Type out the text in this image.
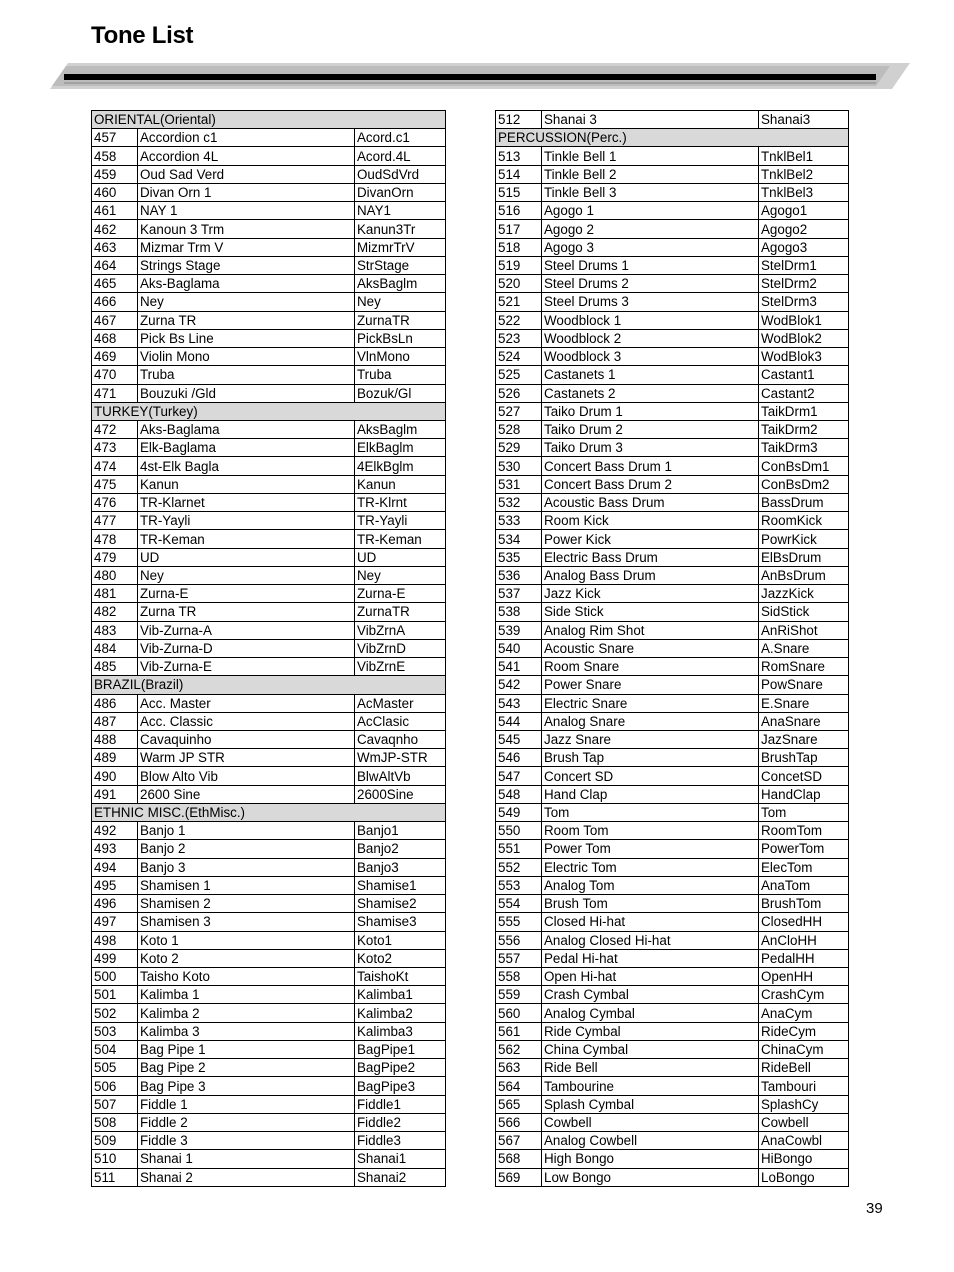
Tone List
ORIENTAL(Oriental)		
457	Accordion c1	Acord.c1
458	Accordion 4L	Acord.4L
459	Oud Sad Verd	OudSdVrd
460	Divan Orn 1	DivanOrn
461	NAY 1	NAY1
462	Kanoun 3 Trm	Kanun3Tr
463	Mizmar Trm V	MizmrTrV
464	Strings Stage	StrStage
465	Aks-Baglama	AksBaglm
466	Ney	Ney
467	Zurna TR	ZurnaTR
468	Pick Bs Line	PickBsLn
469	Violin Mono	VlnMono
470	Truba	Truba
471	Bouzuki /Gld	Bozuk/Gl
TURKEY(Turkey)		
472	Aks-Baglama	AksBaglm
473	Elk-Baglama	ElkBaglm
474	4st-Elk Bagla	4ElkBglm
475	Kanun	Kanun
476	TR-Klarnet	TR-Klrnt
477	TR-Yayli	TR-Yayli
478	TR-Keman	TR-Keman
479	UD	UD
480	Ney	Ney
481	Zurna-E	Zurna-E
482	Zurna TR	ZurnaTR
483	Vib-Zurna-A	VibZrnA
484	Vib-Zurna-D	VibZrnD
485	Vib-Zurna-E	VibZrnE
BRAZIL(Brazil)		
486	Acc. Master	AcMaster
487	Acc. Classic	AcClasic
488	Cavaquinho	Cavaqnho
489	Warm JP STR	WmJP-STR
490	Blow Alto Vib	BlwAltVb
491	2600 Sine	2600Sine
ETHNIC MISC.(EthMisc.)		
492	Banjo 1	Banjo1
493	Banjo 2	Banjo2
494	Banjo 3	Banjo3
495	Shamisen 1	Shamise1
496	Shamisen 2	Shamise2
497	Shamisen 3	Shamise3
498	Koto 1	Koto1
499	Koto 2	Koto2
500	Taisho Koto	TaishoKt
501	Kalimba 1	Kalimba1
502	Kalimba 2	Kalimba2
503	Kalimba 3	Kalimba3
504	Bag Pipe 1	BagPipe1
505	Bag Pipe 2	BagPipe2
506	Bag Pipe 3	BagPipe3
507	Fiddle 1	Fiddle1
508	Fiddle 2	Fiddle2
509	Fiddle 3	Fiddle3
510	Shanai 1	Shanai1
511	Shanai 2	Shanai2
512	Shanai 3	Shanai3
PERCUSSION(Perc.)		
513	Tinkle Bell 1	TnklBel1
514	Tinkle Bell 2	TnklBel2
515	Tinkle Bell 3	TnklBel3
516	Agogo 1	Agogo1
517	Agogo 2	Agogo2
518	Agogo 3	Agogo3
519	Steel Drums 1	StelDrm1
520	Steel Drums 2	StelDrm2
521	Steel Drums 3	StelDrm3
522	Woodblock 1	WodBlok1
523	Woodblock 2	WodBlok2
524	Woodblock 3	WodBlok3
525	Castanets 1	Castant1
526	Castanets 2	Castant2
527	Taiko Drum 1	TaikDrm1
528	Taiko Drum 2	TaikDrm2
529	Taiko Drum 3	TaikDrm3
530	Concert Bass Drum 1	ConBsDm1
531	Concert Bass Drum 2	ConBsDm2
532	Acoustic Bass Drum	BassDrum
533	Room Kick	RoomKick
534	Power Kick	PowrKick
535	Electric Bass Drum	ElBsDrum
536	Analog Bass Drum	AnBsDrum
537	Jazz Kick	JazzKick
538	Side Stick	SidStick
539	Analog Rim Shot	AnRiShot
540	Acoustic Snare	A.Snare
541	Room Snare	RomSnare
542	Power Snare	PowSnare
543	Electric Snare	E.Snare
544	Analog Snare	AnaSnare
545	Jazz Snare	JazSnare
546	Brush Tap	BrushTap
547	Concert SD	ConcetSD
548	Hand Clap	HandClap
549	Tom	Tom
550	Room Tom	RoomTom
551	Power Tom	PowerTom
552	Electric Tom	ElecTom
553	Analog Tom	AnaTom
554	Brush Tom	BrushTom
555	Closed Hi-hat	ClosedHH
556	Analog Closed Hi-hat	AnCloHH
557	Pedal Hi-hat	PedalHH
558	Open Hi-hat	OpenHH
559	Crash Cymbal	CrashCym
560	Analog Cymbal	AnaCym
561	Ride Cymbal	RideCym
562	China Cymbal	ChinaCym
563	Ride Bell	RideBell
564	Tambourine	Tambouri
565	Splash Cymbal	SplashCy
566	Cowbell	Cowbell
567	Analog Cowbell	AnaCowbl
568	High Bongo	HiBongo
569	Low Bongo	LoBongo
39
